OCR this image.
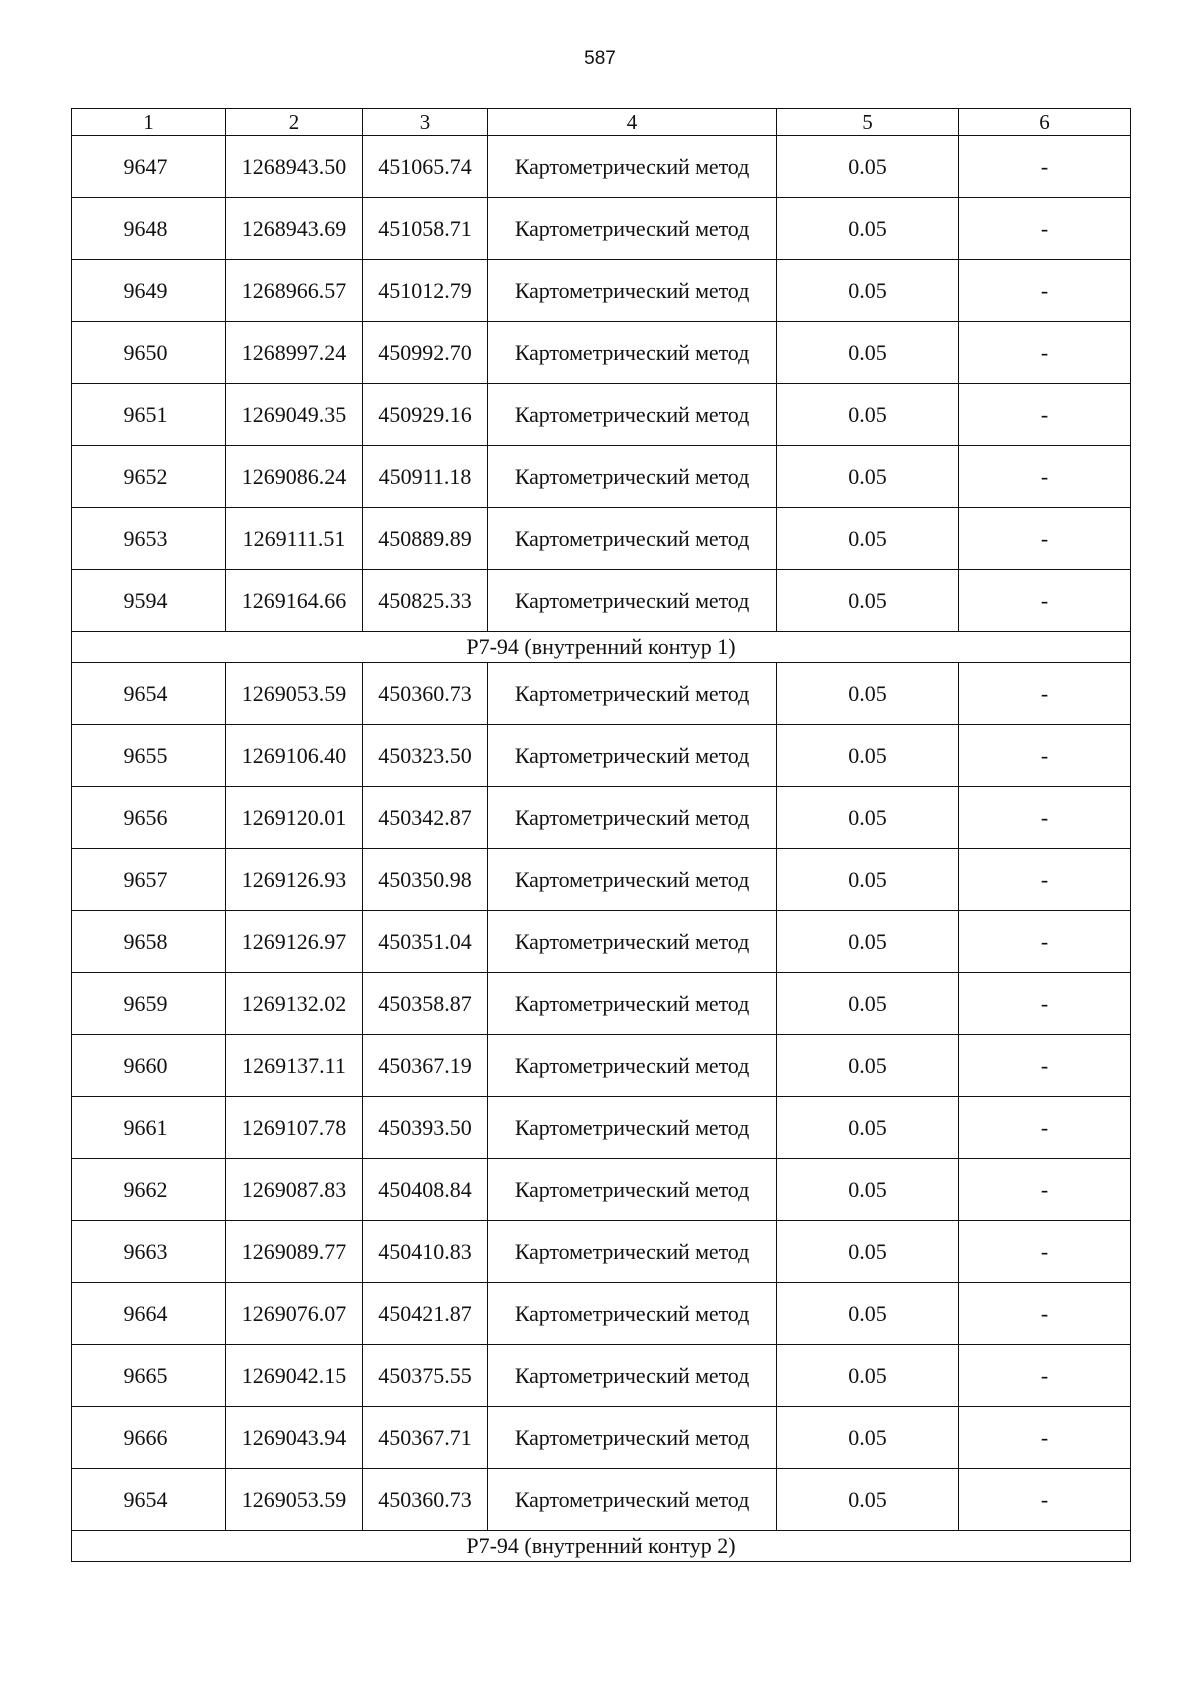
587
1	2	3	4	5	6
9647	1268943.50	451065.74	Картометрический метод	0.05	-
9648	1268943.69	451058.71	Картометрический метод	0.05	-
9649	1268966.57	451012.79	Картометрический метод	0.05	-
9650	1268997.24	450992.70	Картометрический метод	0.05	-
9651	1269049.35	450929.16	Картометрический метод	0.05	-
9652	1269086.24	450911.18	Картометрический метод	0.05	-
9653	1269111.51	450889.89	Картометрический метод	0.05	-
9594	1269164.66	450825.33	Картометрический метод	0.05	-
Р7-94 (внутренний контур 1)					
9654	1269053.59	450360.73	Картометрический метод	0.05	-
9655	1269106.40	450323.50	Картометрический метод	0.05	-
9656	1269120.01	450342.87	Картометрический метод	0.05	-
9657	1269126.93	450350.98	Картометрический метод	0.05	-
9658	1269126.97	450351.04	Картометрический метод	0.05	-
9659	1269132.02	450358.87	Картометрический метод	0.05	-
9660	1269137.11	450367.19	Картометрический метод	0.05	-
9661	1269107.78	450393.50	Картометрический метод	0.05	-
9662	1269087.83	450408.84	Картометрический метод	0.05	-
9663	1269089.77	450410.83	Картометрический метод	0.05	-
9664	1269076.07	450421.87	Картометрический метод	0.05	-
9665	1269042.15	450375.55	Картометрический метод	0.05	-
9666	1269043.94	450367.71	Картометрический метод	0.05	-
9654	1269053.59	450360.73	Картометрический метод	0.05	-
Р7-94 (внутренний контур 2)					
